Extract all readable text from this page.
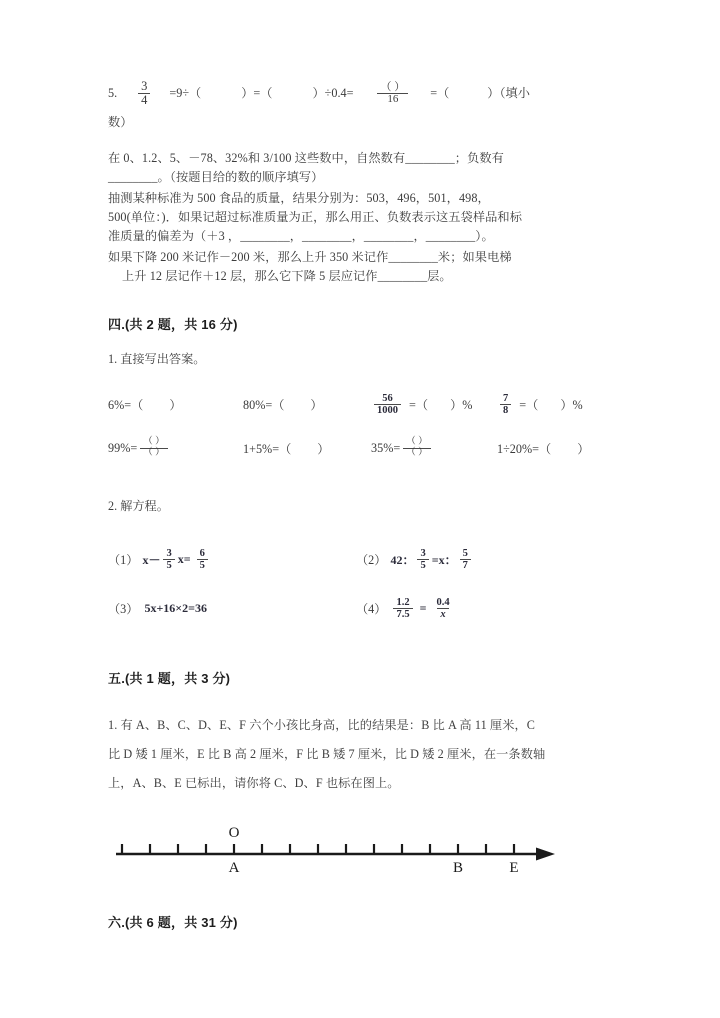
5. $\frac{3}{4} =9\div$（	）=（	）$\div 0.4= \frac{( )}{16}$ =（	）（填小
数）
在 0、1.2、5、－78、32%和 3/100 这些数中，自然数有________；负数有
________。（按题目给的数的顺序填写）
抽测某种标准为 500 食品的质量，结果分别为：503，496，501，498，
500(单位：)．如果记超过标准质量为正，那么用正、负数表示这五袋样品和标
准质量的偏差为（＋3 ，________，________，________，________）。
如果下降 200 米记作－200 米，那么上升 350 米记作________米；如果电梯
上升 12 层记作＋12 层，那么它下降 5 层应记作________层。
四.(共 2 题，共 16 分)
1. 直接写出答案。
6%=（ ）	80%=（ ）	$\frac{56}{1000}$ =（ ）%	$\frac{7}{8}$ =（ ）%
$99\%= \frac{( )}{( )}$	1+5%=（ ）	$35\%= \frac{( )}{( )}$	1÷20%=（ ）
2. 解方程。
（1） $x- \frac{3}{5} x= \frac{6}{5}$	（2） 42： $\frac{3}{5} =x$： $\frac{5}{7}$
（3） 5x+16×2=36	$(4) \frac{1.2}{7.5} = \frac{0.4}{x}$
五.(共 1 题，共 3 分)
1. 有 A、B、C、D、E、F 六个小孩比身高，比的结果是：B 比 A 高 11 厘米，C
比 D 矮 1 厘米，E 比 B 高 2 厘米，F 比 B 矮 7 厘米，比 D 矮 2 厘米，在一条数轴
上，A、B、E 已标出，请你将 C、D、F 也标在图上。
O
A	B	E
六.(共 6 题，共 31 分)
